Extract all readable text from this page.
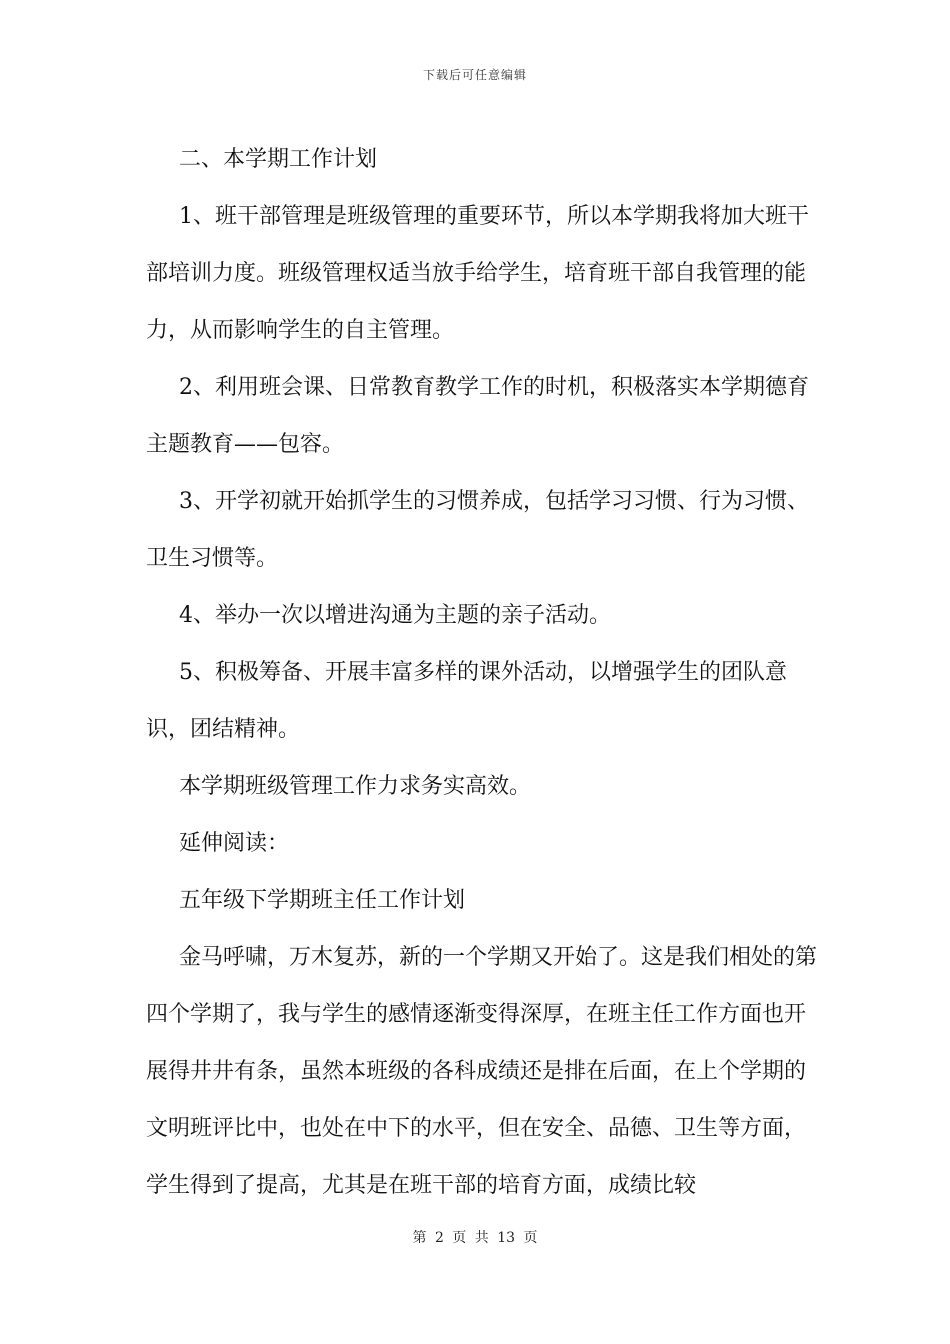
下载后可任意编辑

二、本学期工作计划

1、班干部管理是班级管理的重要环节，所以本学期我将加大班干部培训力度。班级管理权适当放手给学生，培育班干部自我管理的能力，从而影响学生的自主管理。

2、利用班会课、日常教育教学工作的时机，积极落实本学期德育主题教育——包容。

3、开学初就开始抓学生的习惯养成，包括学习习惯、行为习惯、卫生习惯等。

4、举办一次以增进沟通为主题的亲子活动。

5、积极筹备、开展丰富多样的课外活动，以增强学生的团队意识，团结精神。

本学期班级管理工作力求务实高效。

延伸阅读：

五年级下学期班主任工作计划

金马呼啸，万木复苏，新的一个学期又开始了。这是我们相处的第四个学期了，我与学生的感情逐渐变得深厚，在班主任工作方面也开展得井井有条，虽然本班级的各科成绩还是排在后面，在上个学期的文明班评比中，也处在中下的水平，但在安全、品德、卫生等方面，学生得到了提高，尤其是在班干部的培育方面，成绩比较

第 2 页 共 13 页
